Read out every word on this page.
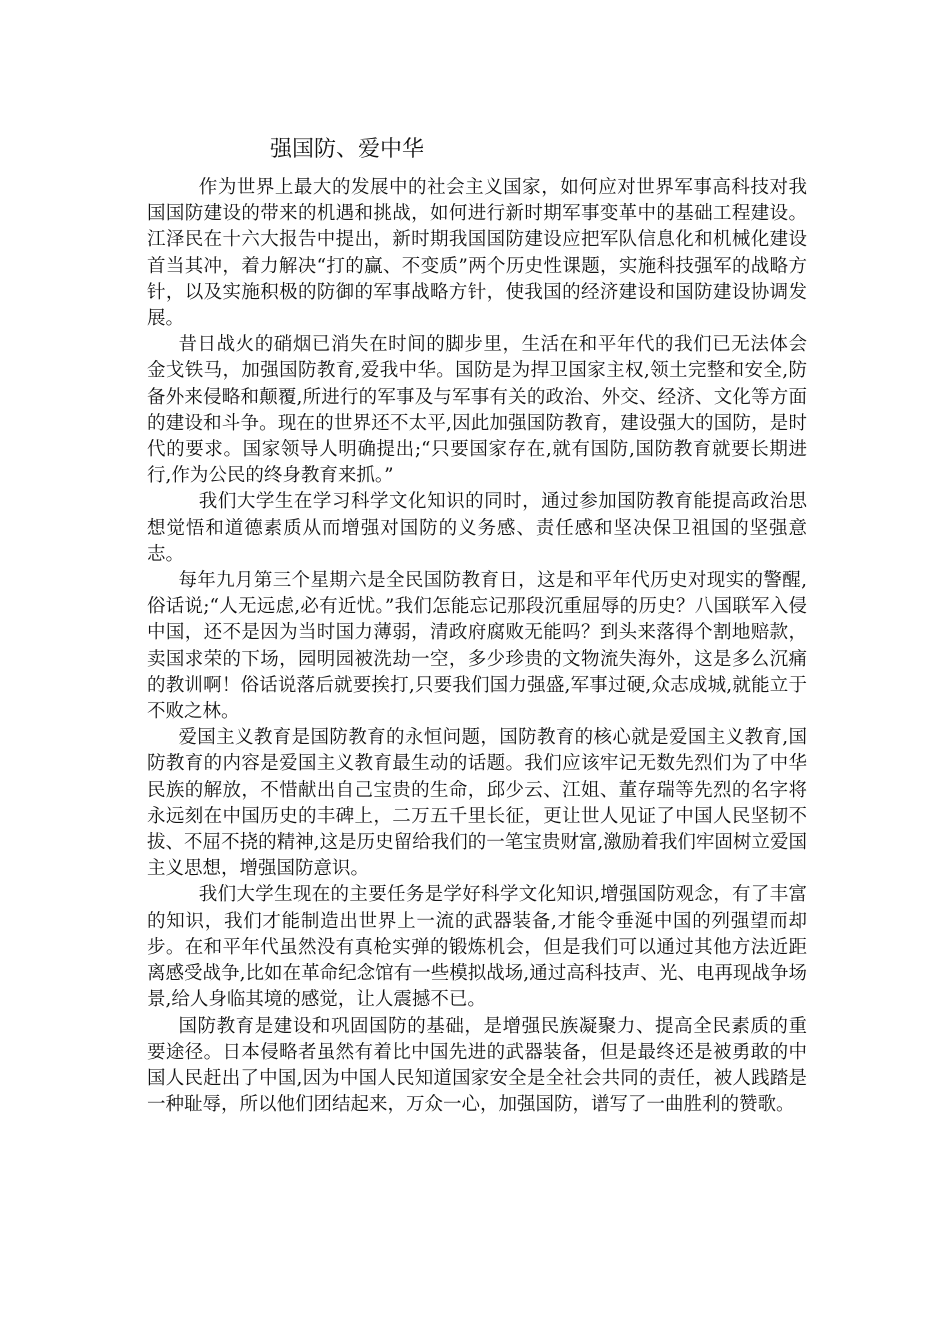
强国防、爱中华

作为世界上最大的发展中的社会主义国家，如何应对世界军事高科技对我国国防建设的带来的机遇和挑战，如何进行新时期军事变革中的基础工程建设。江泽民在十六大报告中提出，新时期我国国防建设应把军队信息化和机械化建设首当其冲，着力解决“打的赢、不变质”两个历史性课题，实施科技强军的战略方针，以及实施积极的防御的军事战略方针，使我国的经济建设和国防建设协调发展。

昔日战火的硝烟已消失在时间的脚步里，生活在和平年代的我们已无法体会金戈铁马，加强国防教育,爱我中华。国防是为捍卫国家主权,领土完整和安全,防备外来侵略和颠覆,所进行的军事及与军事有关的政治、外交、经济、文化等方面的建设和斗争。现在的世界还不太平,因此加强国防教育，建设强大的国防，是时代的要求。国家领导人明确提出;“只要国家存在,就有国防,国防教育就要长期进行,作为公民的终身教育来抓。”

我们大学生在学习科学文化知识的同时，通过参加国防教育能提高政治思想觉悟和道德素质从而增强对国防的义务感、责任感和坚决保卫祖国的坚强意志。

每年九月第三个星期六是全民国防教育日，这是和平年代历史对现实的警醒,俗话说;“人无远虑,必有近忧。”我们怎能忘记那段沉重屈辱的历史？八国联军入侵中国，还不是因为当时国力薄弱，清政府腐败无能吗？到头来落得个割地赔款，卖国求荣的下场，园明园被洗劫一空，多少珍贵的文物流失海外，这是多么沉痛的教训啊！俗话说落后就要挨打,只要我们国力强盛,军事过硬,众志成城,就能立于不败之林。

爱国主义教育是国防教育的永恒问题，国防教育的核心就是爱国主义教育,国防教育的内容是爱国主义教育最生动的话题。我们应该牢记无数先烈们为了中华民族的解放，不惜献出自己宝贵的生命，邱少云、江姐、董存瑞等先烈的名字将永远刻在中国历史的丰碑上，二万五千里长征，更让世人见证了中国人民坚韧不拔、不屈不挠的精神,这是历史留给我们的一笔宝贵财富,激励着我们牢固树立爱国主义思想，增强国防意识。

我们大学生现在的主要任务是学好科学文化知识,增强国防观念，有了丰富的知识，我们才能制造出世界上一流的武器装备,才能令垂涎中国的列强望而却步。在和平年代虽然没有真枪实弹的锻炼机会，但是我们可以通过其他方法近距离感受战争,比如在革命纪念馆有一些模拟战场,通过高科技声、光、电再现战争场景,给人身临其境的感觉，让人震撼不已。

国防教育是建设和巩固国防的基础，是增强民族凝聚力、提高全民素质的重要途径。日本侵略者虽然有着比中国先进的武器装备，但是最终还是被勇敢的中国人民赶出了中国,因为中国人民知道国家安全是全社会共同的责任，被人践踏是一种耻辱，所以他们团结起来，万众一心，加强国防，谱写了一曲胜利的赞歌。
